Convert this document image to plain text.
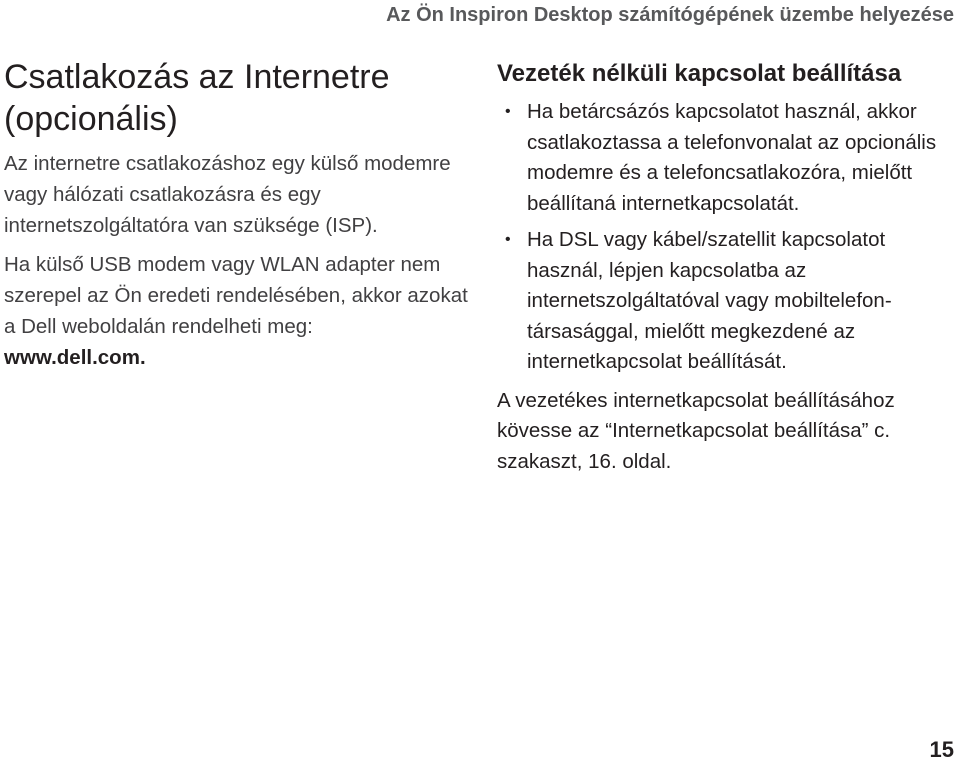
Az Ön Inspiron Desktop számítógépének üzembe helyezése
Csatlakozás az Internetre
(opcionális)

Az internetre csatlakozáshoz egy külső modemre vagy hálózati csatlakozásra és egy internetszolgáltatóra van szüksége (ISP).

Ha külső USB modem vagy WLAN adapter nem szerepel az Ön eredeti rendelésében, akkor azokat a Dell weboldalán rendelheti meg:
www.dell.com.

Vezeték nélküli kapcsolat beállítása
• Ha betárcsázós kapcsolatot használ, akkor csatlakoztassa a telefonvonalat az opcionális modemre és a telefoncsatlakozóra, mielőtt beállítaná internetkapcsolatát.
• Ha DSL vagy kábel/szatellit kapcsolatot használ, lépjen kapcsolatba az internetszolgáltatóval vagy mobiltelefon-társasággal, mielőtt megkezdené az internetkapcsolat beállítását.

A vezetékes internetkapcsolat beállításához kövesse az “Internetkapcsolat beállítása” c. szakaszt, 16. oldal.

15
